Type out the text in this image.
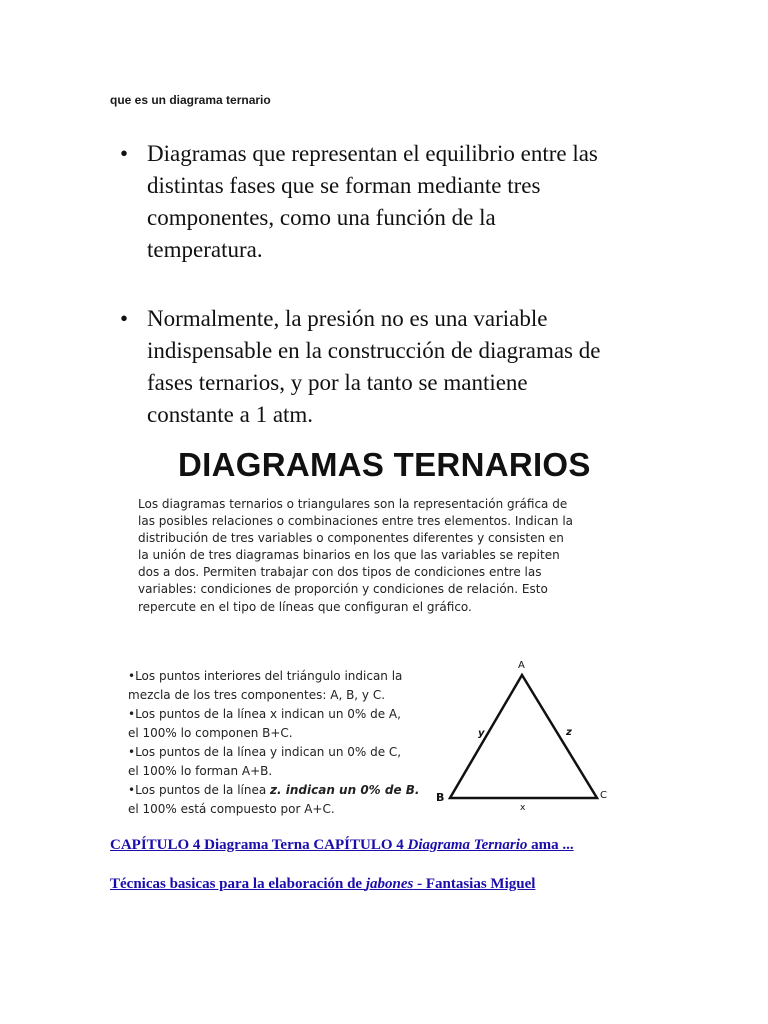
que es un diagrama ternario
• Diagramas que representan el equilibrio entre las
distintas fases que se forman mediante tres
componentes, como una función de la
temperatura.
• Normalmente, la presión no es una variable
indispensable en la construcción de diagramas de
fases ternarios, y por la tanto se mantiene
constante a 1 atm.
DIAGRAMAS TERNARIOS
Los diagramas ternarios o triangulares son la representación gráfica de
las posibles relaciones o combinaciones entre tres elementos. Indican la
distribución de tres variables o componentes diferentes y consisten en
la unión de tres diagramas binarios en los que las variables se repiten
dos a dos. Permiten trabajar con dos tipos de condiciones entre las
variables: condiciones de proporción y condiciones de relación. Esto
repercute en el tipo de líneas que configuran el gráfico.
•Los puntos interiores del triángulo indican la
mezcla de los tres componentes: A, B, y C.
•Los puntos de la línea x indican un 0% de A,
el 100% lo componen B+C.
•Los puntos de la línea y indican un 0% de C,
el 100% lo forman A+B.
•Los puntos de la línea z. indican un 0% de B.
el 100% está compuesto por A+C.
A
B	C
y	z
x
CAPÍTULO 4 Diagrama Terna CAPÍTULO 4 Diagrama Ternario ama ...
Técnicas basicas para la elaboración de jabones - Fantasias Miguel
